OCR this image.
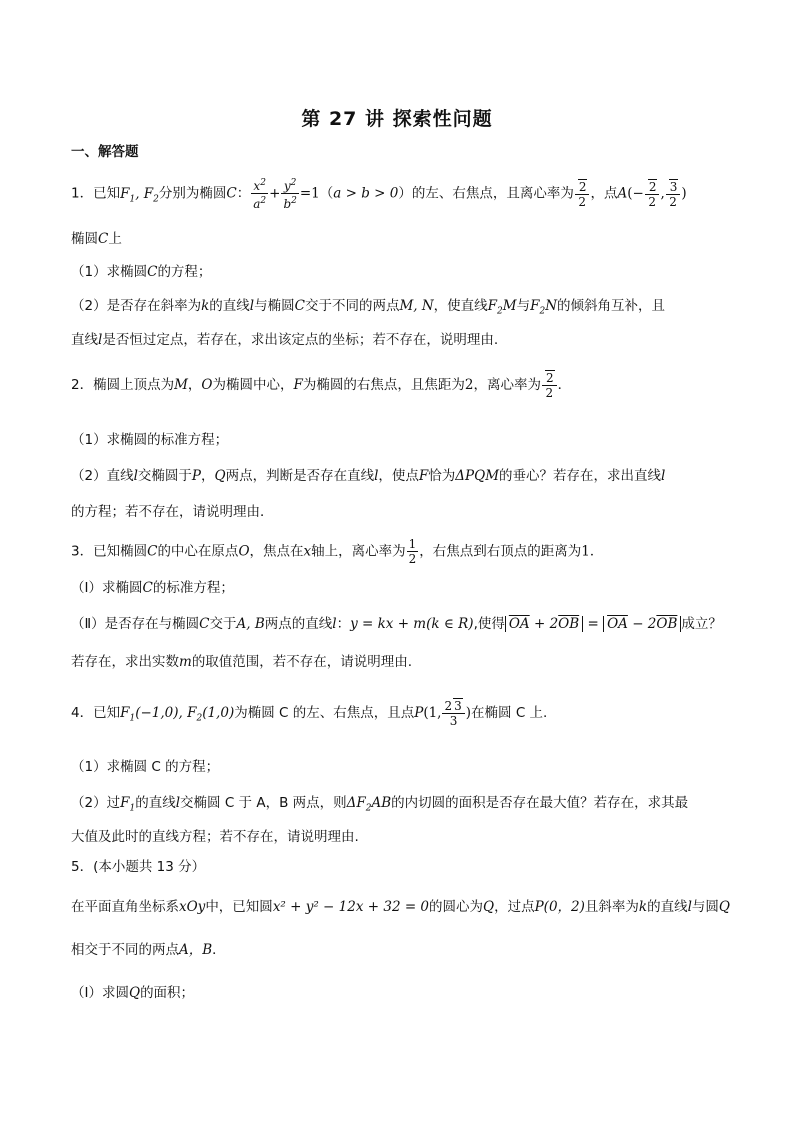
第 27 讲 探索性问题
一、解答题
1．已知$F_1$, $F_2$分别为椭圆C： $\frac{x^2}{a^2} + \frac{y^2}{b^2} =1(a > b > 0)$的左、右焦点，且离心率为 $\frac{2}{2}$ ，点$A(- \frac{2}{2}$ , $\frac{3}{2}$ )
椭圆C上
（1）求椭圆C的方程；
（2）是否存在斜率为k的直线l与椭圆C交于不同的两点M, N，使直线$F_2M$与$F_2N$的倾斜角互补，且
直线l是否恒过定点，若存在，求出该定点的坐标；若不存在，说明理由.
2．椭圆上顶点为M，O为椭圆中心，F为椭圆的右焦点，且焦距为2，离心率为 $\frac{2}{2}$ ．
（1）求椭圆的标准方程；
（2）直线l交椭圆于P，Q两点，判断是否存在直线l，使点F恰为ΔPQM的垂心？若存在，求出直线l
的方程；若不存在，请说明理由．
3．已知椭圆C的中心在原点O，焦点在x轴上，离心率为 $\frac{1}{2}$ ，右焦点到右顶点的距离为1．
（Ⅰ）求椭圆C的标准方程；
（Ⅱ）是否存在与椭圆C交于A, B两点的直线l：y = kx + m(k ∈ R),使得 $\overline{OA} + 2\overline{OB} = \overline{OA} - 2\overline{OB}$ 成立？
若存在，求出实数m的取值范围，若不存在，请说明理由.
4．已知$F_1(-1,0)$, $F_2(1,0)$为椭圆 C 的左、右焦点，且点P(1, $\frac{2 3}{3}$ )在椭圆 C 上.
（1）求椭圆 C 的方程；
（2）过$F_1$的直线l交椭圆 C 于 A，B 两点，则$\Delta F_2AB$的内切圆的面积是否存在最大值？若存在，求其最
大值及此时的直线方程；若不存在，请说明理由.
5．(本小题共 13 分）
在平面直角坐标系xOy中，已知圆x² + y² − 12x + 32 = 0的圆心为Q，过点P(0，2)且斜率为k的直线l与圆Q
相交于不同的两点A，B．
（Ⅰ）求圆Q的面积；
